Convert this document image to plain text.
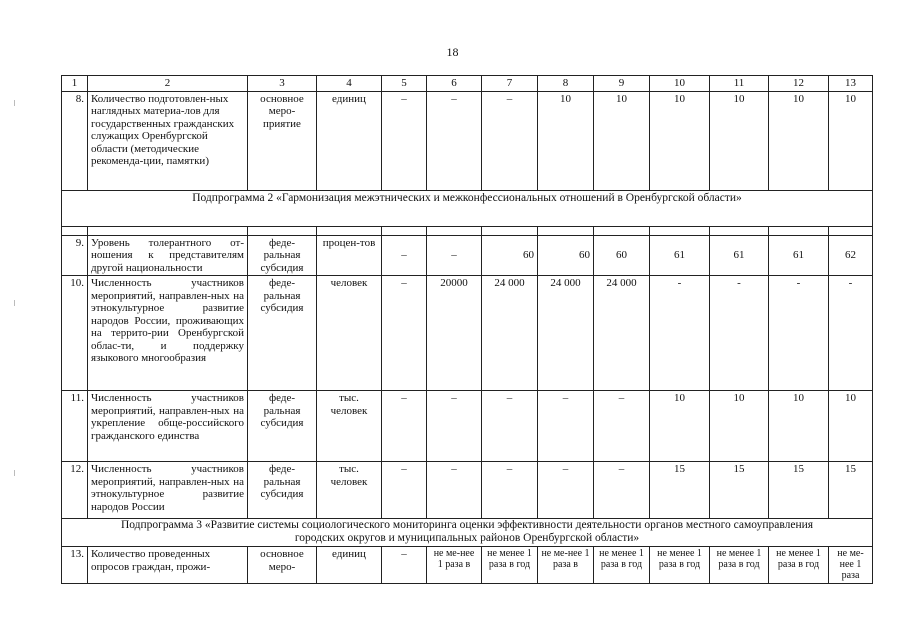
18
1	2	3	4	5	6	7	8	9	10	11	12	13
8.	Количество подготовлен-ных наглядных материа-лов для государственных гражданских служащих Оренбургской области (методические рекоменда-ции, памятки)	основное меро-приятие	единиц	–	–	–	10	10	10	10	10	10
Подпрограмма 2 «Гармонизация межэтнических и межконфессиональных отношений в Оренбургской области»												

9.	Уровень толерантного от-ношения к представителям другой национальности	феде-ральная субсидия	процен-тов	–	–	60	60	60	61	61	61	62
10.	Численность участников мероприятий, направлен-ных на этнокультурное развитие народов России, проживающих на террито-рии Оренбургской облас-ти, и поддержку языкового многообразия	феде-ральная субсидия	человек	–	20000	24 000	24 000	24 000	-	-	-	-
11.	Численность участников мероприятий, направлен-ных на укрепление обще-российского гражданского единства	феде-ральная субсидия	тыс. человек	–	–	–	–	–	10	10	10	10
12.	Численность участников мероприятий, направлен-ных на этнокультурное развитие народов России	феде-ральная субсидия	тыс. человек	–	–	–	–	–	15	15	15	15
Подпрограмма 3 «Развитие системы социологического мониторинга оценки эффективности деятельности органов местного самоуправления городских округов и муниципальных районов Оренбургской области»												
13.	Количество проведенных опросов граждан, прожи-	основное меро-	единиц	–	не ме-нее 1 раза в	не менее 1 раза в год	не ме-нее 1 раза в	не менее 1 раза в год	не менее 1 раза в год	не менее 1 раза в год	не менее 1 раза в год	не ме-нее 1 раза
